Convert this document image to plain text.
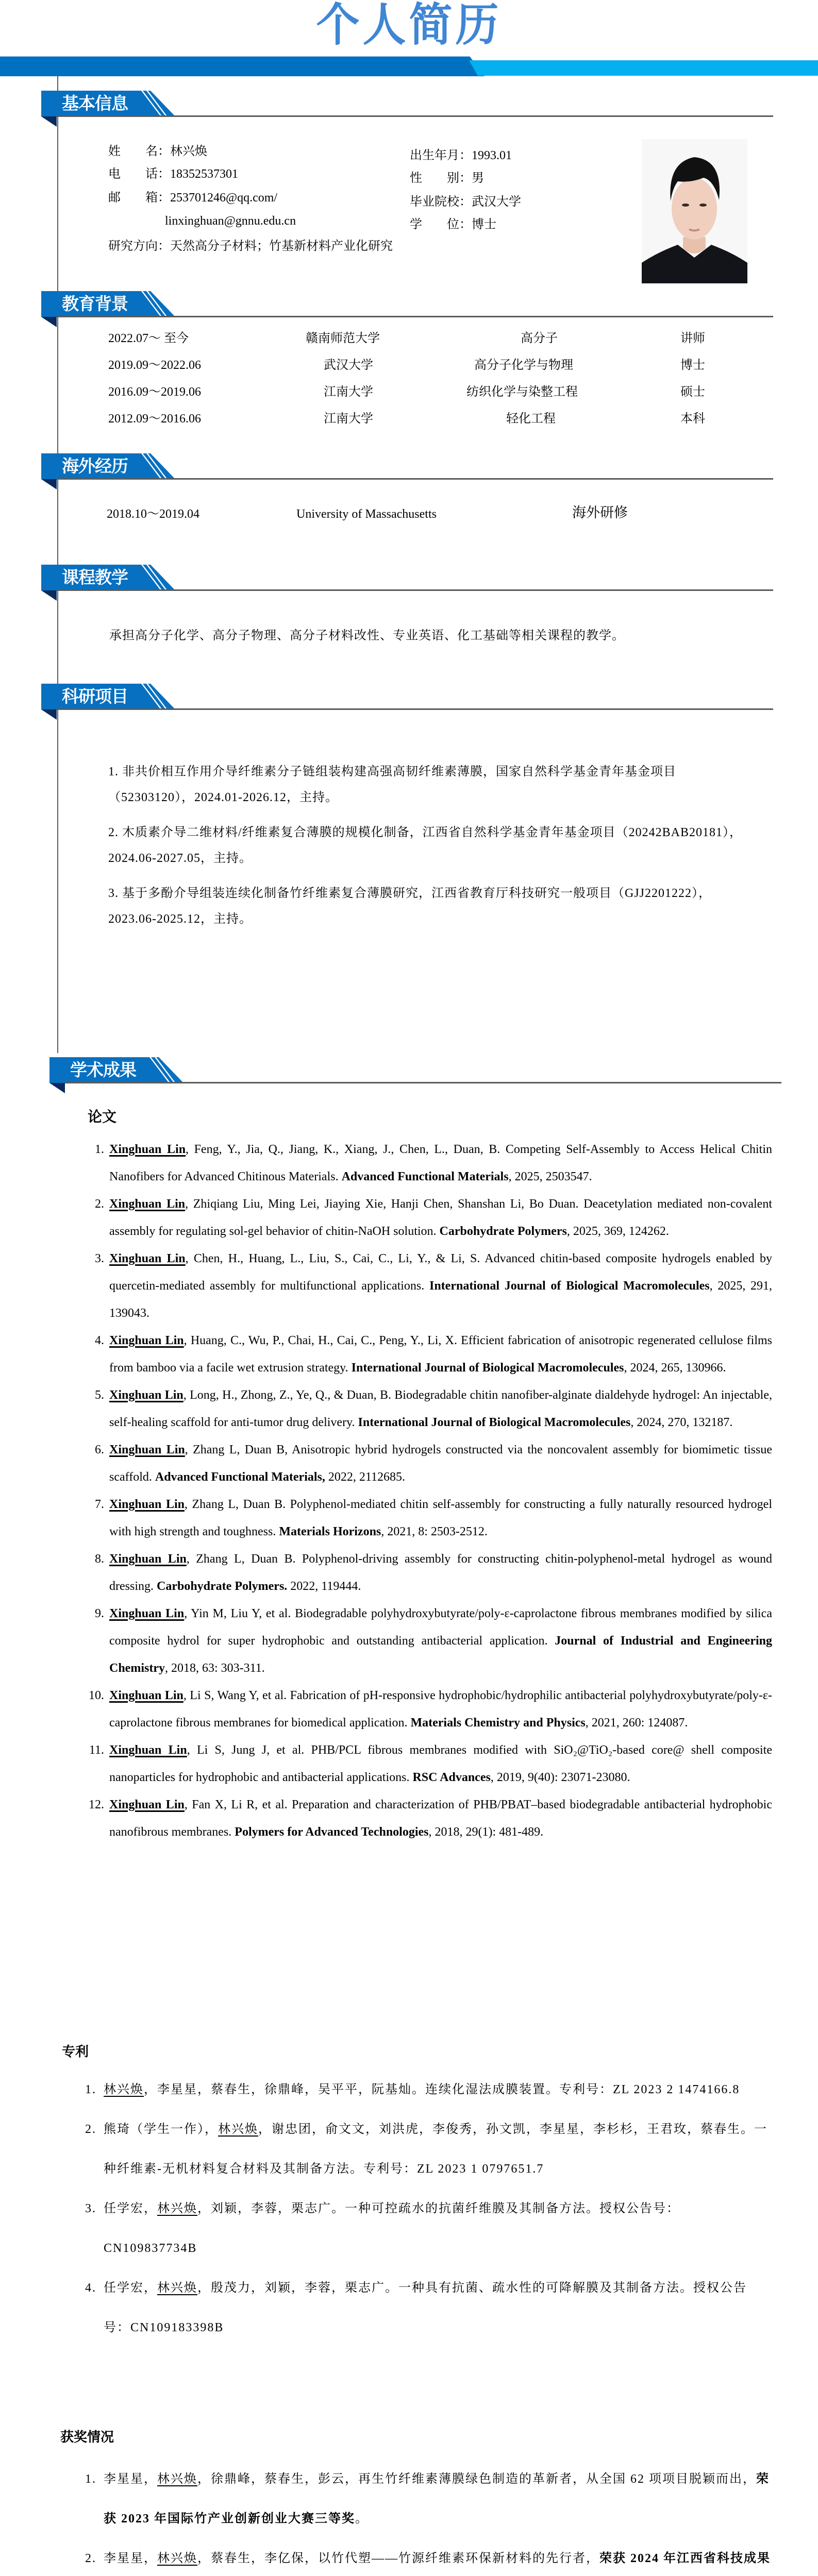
个人简历
基本信息
姓　　名：林兴焕
电　　话：18352537301
邮　　箱：253701246@qq.com/
linxinghuan@gnnu.edu.cn
研究方向：天然高分子材料；竹基新材料产业化研究
出生年月：1993.01
性　　别：男
毕业院校：武汉大学
学　　位：博士
教育背景
2022.07～ 至今	赣南师范大学	高分子	讲师
2019.09～2022.06	武汉大学	高分子化学与物理	博士
2016.09～2019.06	江南大学	纺织化学与染整工程	硕士
2012.09～2016.06	江南大学	轻化工程	本科
海外经历
2018.10～2019.04	University of Massachusetts	海外研修
课程教学
承担高分子化学、高分子物理、高分子材料改性、专业英语、化工基础等相关课程的教学。
科研项目

1. 非共价相互作用介导纤维素分子链组装构建高强高韧纤维素薄膜，国家自然科学基金青年基金项目（52303120），2024.01-2026.12，主持。

2. 木质素介导二维材料/纤维素复合薄膜的规模化制备，江西省自然科学基金青年基金项目（20242BAB20181），2024.06-2027.05，主持。

3. 基于多酚介导组装连续化制备竹纤维素复合薄膜研究，江西省教育厅科技研究一般项目（GJJ2201222），2023.06-2025.12，主持。

学术成果
论文
1. Xinghuan Lin, Feng, Y., Jia, Q., Jiang, K., Xiang, J., Chen, L., Duan, B. Competing Self-Assembly to Access Helical Chitin Nanofibers for Advanced Chitinous Materials. Advanced Functional Materials, 2025, 2503547.
2. Xinghuan Lin, Zhiqiang Liu, Ming Lei, Jiaying Xie, Hanji Chen, Shanshan Li, Bo Duan. Deacetylation mediated non-covalent assembly for regulating sol-gel behavior of chitin-NaOH solution. Carbohydrate Polymers, 2025, 369, 124262.
3. Xinghuan Lin, Chen, H., Huang, L., Liu, S., Cai, C., Li, Y., & Li, S. Advanced chitin-based composite hydrogels enabled by quercetin-mediated assembly for multifunctional applications. International Journal of Biological Macromolecules, 2025, 291, 139043.
4. Xinghuan Lin, Huang, C., Wu, P., Chai, H., Cai, C., Peng, Y., Li, X. Efficient fabrication of anisotropic regenerated cellulose films from bamboo via a facile wet extrusion strategy. International Journal of Biological Macromolecules, 2024, 265, 130966.
5. Xinghuan Lin, Long, H., Zhong, Z., Ye, Q., & Duan, B. Biodegradable chitin nanofiber-alginate dialdehyde hydrogel: An injectable, self-healing scaffold for anti-tumor drug delivery. International Journal of Biological Macromolecules, 2024, 270, 132187.
6. Xinghuan Lin, Zhang L, Duan B, Anisotropic hybrid hydrogels constructed via the noncovalent assembly for biomimetic tissue scaffold. Advanced Functional Materials, 2022, 2112685.
7. Xinghuan Lin, Zhang L, Duan B. Polyphenol-mediated chitin self-assembly for constructing a fully naturally resourced hydrogel with high strength and toughness. Materials Horizons, 2021, 8: 2503-2512.
8. Xinghuan Lin, Zhang L, Duan B. Polyphenol-driving assembly for constructing chitin-polyphenol-metal hydrogel as wound dressing. Carbohydrate Polymers. 2022, 119444.
9. Xinghuan Lin, Yin M, Liu Y, et al. Biodegradable polyhydroxybutyrate/poly-ε-caprolactone fibrous membranes modified by silica composite hydrol for super hydrophobic and outstanding antibacterial application. Journal of Industrial and Engineering Chemistry, 2018, 63: 303-311.
10. Xinghuan Lin, Li S, Wang Y, et al. Fabrication of pH-responsive hydrophobic/hydrophilic antibacterial polyhydroxybutyrate/poly-ε-caprolactone fibrous membranes for biomedical application. Materials Chemistry and Physics, 2021, 260: 124087.
11. Xinghuan Lin, Li S, Jung J, et al. PHB/PCL fibrous membranes modified with SiO₂@TiO₂-based core@ shell composite nanoparticles for hydrophobic and antibacterial applications. RSC Advances, 2019, 9(40): 23071-23080.
12. Xinghuan Lin, Fan X, Li R, et al. Preparation and characterization of PHB/PBAT–based biodegradable antibacterial hydrophobic nanofibrous membranes. Polymers for Advanced Technologies, 2018, 29(1): 481-489.
专利
1. 林兴焕，李星星，蔡春生，徐鼎峰，吴平平，阮基灿。连续化湿法成膜装置。专利号：ZL 2023 2 1474166.8
2. 熊琦（学生一作），林兴焕，谢忠团，俞文文，刘洪虎，李俊秀，孙文凯，李星星，李杉杉，王君玫，蔡春生。一种纤维素-无机材料复合材料及其制备方法。专利号：ZL 2023 1 0797651.7
3. 任学宏，林兴焕，刘颖，李蓉，栗志广。一种可控疏水的抗菌纤维膜及其制备方法。授权公告号：CN109837734B
4. 任学宏，林兴焕，殷茂力，刘颖，李蓉，栗志广。一种具有抗菌、疏水性的可降解膜及其制备方法。授权公告号：CN109183398B
获奖情况
1. 李星星，林兴焕，徐鼎峰，蔡春生，彭云，再生竹纤维素薄膜绿色制造的革新者，从全国 62 项项目脱颖而出，荣获 2023 年国际竹产业创新创业大赛三等奖。
2. 李星星，林兴焕，蔡春生，李亿保，以竹代塑——竹源纤维素环保新材料的先行者，荣获 2024 年江西省科技成果
